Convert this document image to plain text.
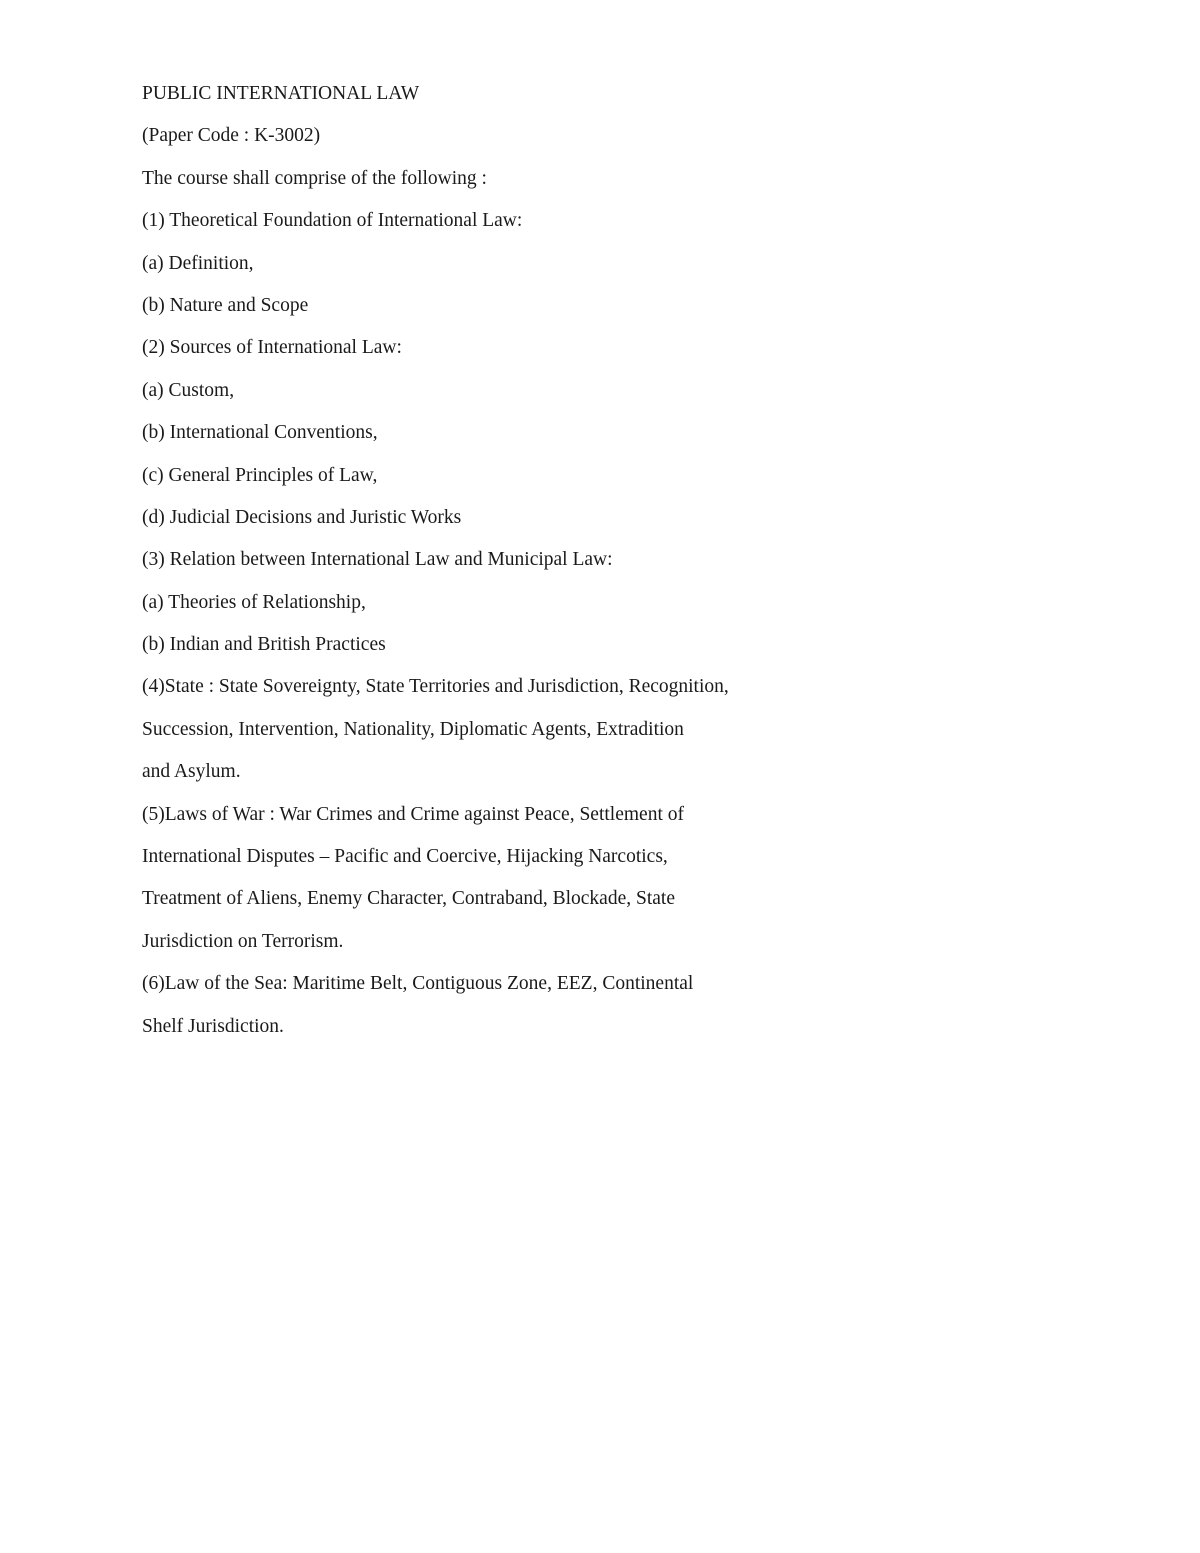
PUBLIC INTERNATIONAL LAW
(Paper Code : K-3002)
The course shall comprise of the following :
(1) Theoretical Foundation of International Law:
(a) Definition,
(b) Nature and Scope
(2) Sources of International Law:
(a) Custom,
(b) International Conventions,
(c) General Principles of Law,
(d) Judicial Decisions and Juristic Works
(3) Relation between International Law and Municipal Law:
(a) Theories of Relationship,
(b) Indian and British Practices
(4)State : State Sovereignty, State Territories and Jurisdiction, Recognition,
Succession, Intervention, Nationality, Diplomatic Agents, Extradition
and Asylum.
(5)Laws of War : War Crimes and Crime against Peace, Settlement of
International Disputes – Pacific and Coercive, Hijacking Narcotics,
Treatment of Aliens, Enemy Character, Contraband, Blockade, State
Jurisdiction on Terrorism.
(6)Law of the Sea: Maritime Belt, Contiguous Zone, EEZ, Continental
Shelf Jurisdiction.
